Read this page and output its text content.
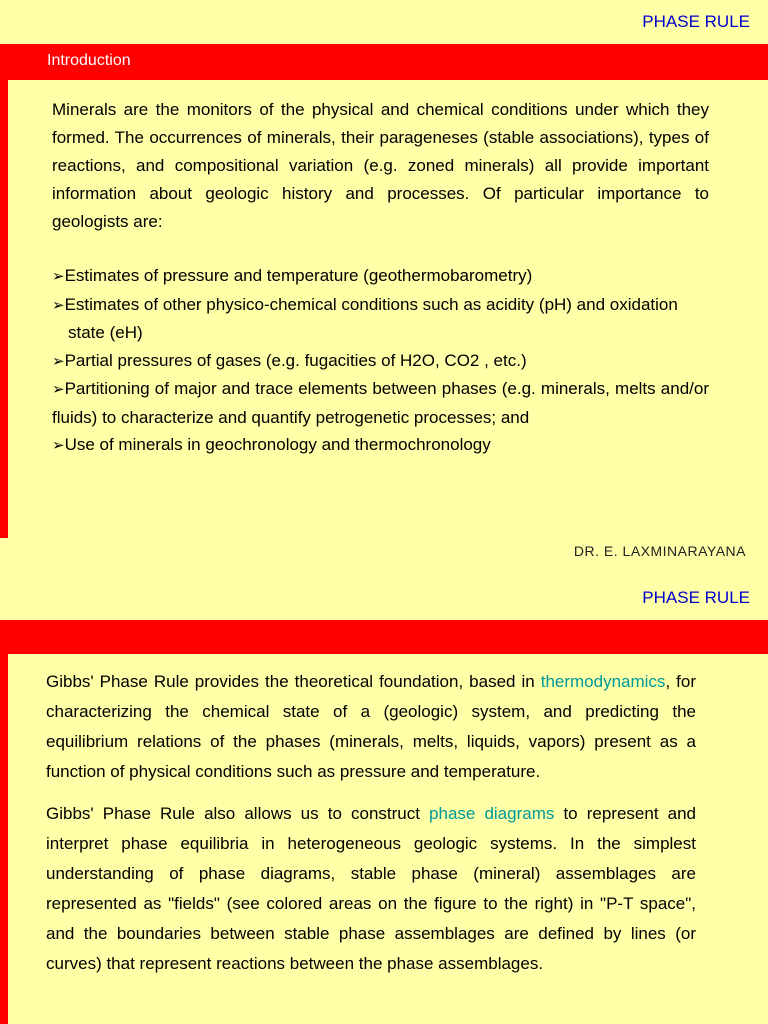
PHASE RULE
Introduction

Minerals are the monitors of the physical and chemical conditions under which they formed. The occurrences of minerals, their parageneses (stable associations), types of reactions, and compositional variation (e.g. zoned minerals) all provide important information about geologic history and processes. Of particular importance to geologists are:

➢Estimates of pressure and temperature (geothermobarometry)
➢Estimates of other physico-chemical conditions such as acidity (pH) and oxidation state (eH)
➢Partial pressures of gases (e.g. fugacities of H2O, CO2 , etc.)
➢Partitioning of major and trace elements between phases (e.g. minerals, melts and/or fluids) to characterize and quantify petrogenetic processes; and
➢Use of minerals in geochronology and thermochronology
DR. E. LAXMINARAYANA
PHASE RULE

Gibbs' Phase Rule provides the theoretical foundation, based in thermodynamics, for characterizing the chemical state of a (geologic) system, and predicting the equilibrium relations of the phases (minerals, melts, liquids, vapors) present as a function of physical conditions such as pressure and temperature.

Gibbs' Phase Rule also allows us to construct phase diagrams to represent and interpret phase equilibria in heterogeneous geologic systems. In the simplest understanding of phase diagrams, stable phase (mineral) assemblages are represented as "fields" (see colored areas on the figure to the right) in "P-T space", and the boundaries between stable phase assemblages are defined by lines (or curves) that represent reactions between the phase assemblages.
